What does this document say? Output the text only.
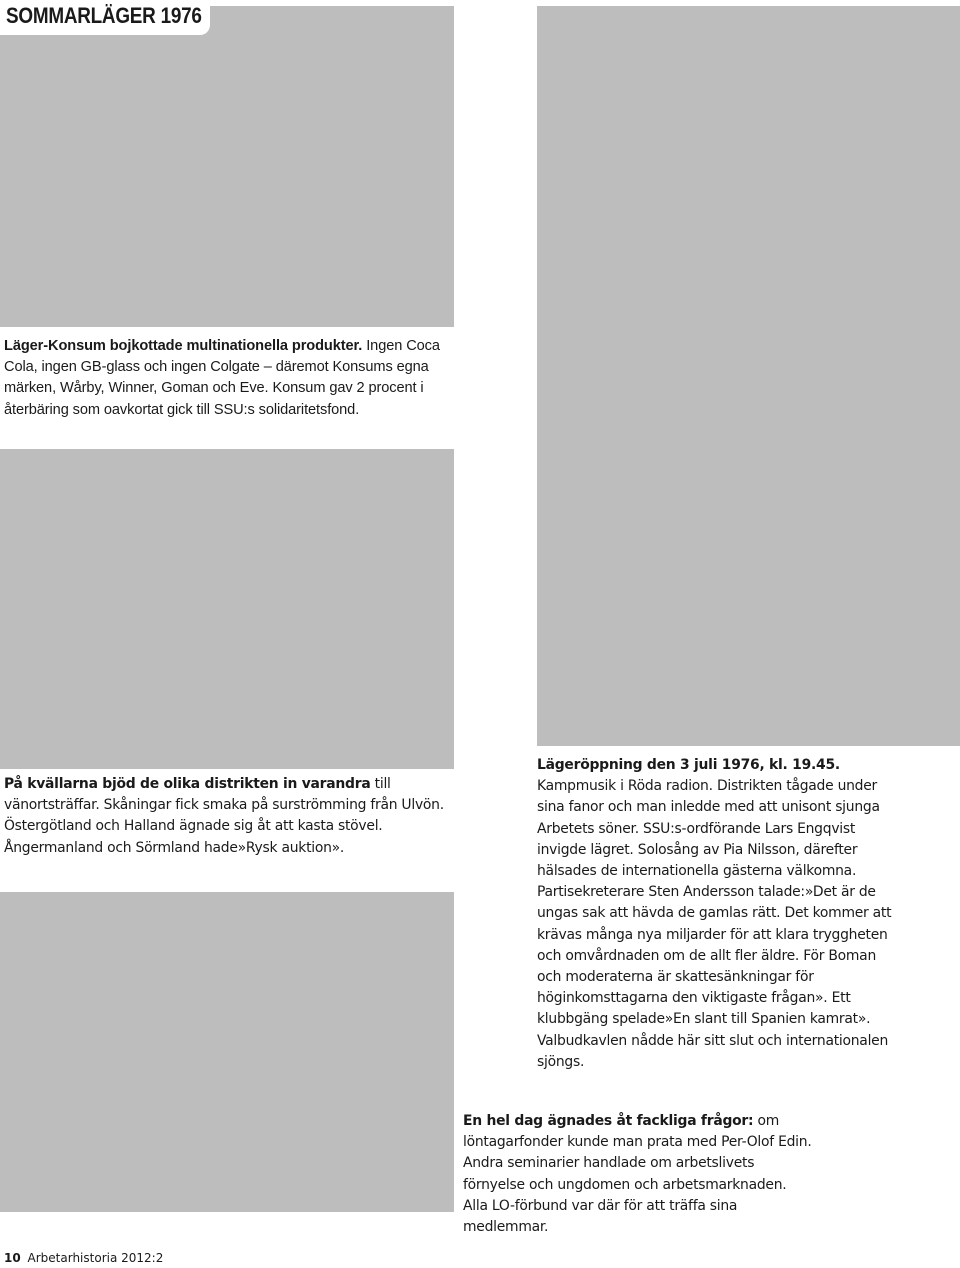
SOMMARLÄGER 1976
Läger-Konsum bojkottade multinationella produkter. Ingen Coca Cola, ingen GB-glass och ingen Colgate – däremot Konsums egna märken, Wårby, Winner, Goman och Eve. Konsum gav 2 procent i återbäring som oavkortat gick till SSU:s solidaritetsfond.
På kvällarna bjöd de olika distrikten in varandra till vänortsträffar. Skåningar fick smaka på surströmming från Ulvön. Östergötland och Halland ägnade sig åt att kasta stövel. Ångermanland och Sörmland hade»Rysk auktion».
Lägeröppning den 3 juli 1976, kl. 19.45. Kampmusik i Röda radion. Distrikten tågade under sina fanor och man inledde med att unisont sjunga Arbetets söner. SSU:s-ordförande Lars Engqvist invigde lägret. Solosång av Pia Nilsson, därefter hälsades de internationella gästerna välkomna. Partisekreterare Sten Andersson talade:»Det är de ungas sak att hävda de gamlas rätt. Det kommer att krävas många nya miljarder för att klara tryggheten och omvårdnaden om de allt fler äldre. För Boman och moderaterna är skattesänkningar för höginkomsttagarna den viktigaste frågan». Ett klubbgäng spelade»En slant till Spanien kamrat». Valbudkavlen nådde här sitt slut och internationalen sjöngs.
En hel dag ägnades åt fackliga frågor: om löntagarfonder kunde man prata med Per-Olof Edin. Andra seminarier handlade om arbetslivets förnyelse och ungdomen och arbetsmarknaden. Alla LO-förbund var där för att träffa sina medlemmar.
10 Arbetarhistoria 2012:2
